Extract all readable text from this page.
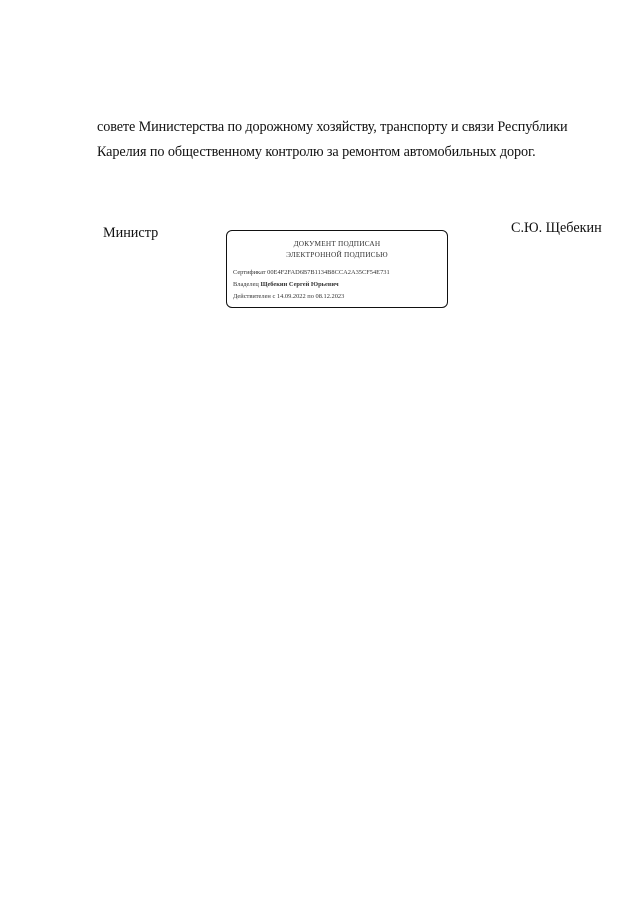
совете Министерства по дорожному хозяйству, транспорту и связи Республики
Карелия по общественному контролю за ремонтом автомобильных дорог.
Министр	С.Ю. Щебекин
ДОКУМЕНТ ПОДПИСАН
ЭЛЕКТРОННОЙ ПОДПИСЬЮ
Сертификат 00E4F2FAD6B7B1134B8CCA2A35CF54E731
Владелец Щебекин Сергей Юрьевич
Действителен с 14.09.2022 по 08.12.2023
